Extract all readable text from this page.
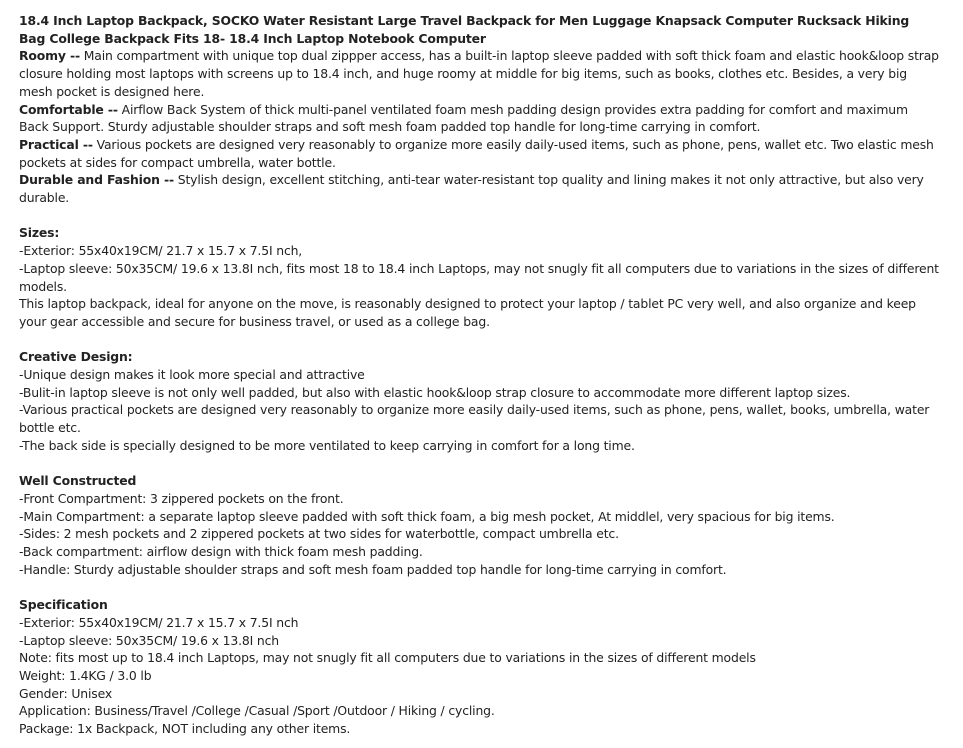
18.4 Inch Laptop Backpack, SOCKO Water Resistant Large Travel Backpack for Men Luggage Knapsack Computer Rucksack Hiking Bag College Backpack Fits 18- 18.4 Inch Laptop Notebook Computer
Roomy -- Main compartment with unique top dual zippper access, has a built-in laptop sleeve padded with soft thick foam and elastic hook&loop strap closure holding most laptops with screens up to 18.4 inch, and huge roomy at middle for big items, such as books, clothes etc. Besides, a very big mesh pocket is designed here.
Comfortable -- Airflow Back System of thick multi-panel ventilated foam mesh padding design provides extra padding for comfort and maximum Back Support. Sturdy adjustable shoulder straps and soft mesh foam padded top handle for long-time carrying in comfort.
Practical -- Various pockets are designed very reasonably to organize more easily daily-used items, such as phone, pens, wallet etc. Two elastic mesh pockets at sides for compact umbrella, water bottle.
Durable and Fashion -- Stylish design, excellent stitching, anti-tear water-resistant top quality and lining makes it not only attractive, but also very durable.
Sizes:
-Exterior: 55x40x19CM/ 21.7 x 15.7 x 7.5I nch,
-Laptop sleeve: 50x35CM/ 19.6 x 13.8I nch, fits most 18 to 18.4 inch Laptops, may not snugly fit all computers due to variations in the sizes of different models.
This laptop backpack, ideal for anyone on the move, is reasonably designed to protect your laptop / tablet PC very well, and also organize and keep your gear accessible and secure for business travel, or used as a college bag.
Creative Design:
-Unique design makes it look more special and attractive
-Bulit-in laptop sleeve is not only well padded, but also with elastic hook&loop strap closure to accommodate more different laptop sizes.
-Various practical pockets are designed very reasonably to organize more easily daily-used items, such as phone, pens, wallet, books, umbrella, water bottle etc.
-The back side is specially designed to be more ventilated to keep carrying in comfort for a long time.
Well Constructed
-Front Compartment: 3 zippered pockets on the front.
-Main Compartment: a separate laptop sleeve padded with soft thick foam, a big mesh pocket, At middlel, very spacious for big items.
-Sides: 2 mesh pockets and 2 zippered pockets at two sides for waterbottle, compact umbrella etc.
-Back compartment: airflow design with thick foam mesh padding.
-Handle: Sturdy adjustable shoulder straps and soft mesh foam padded top handle for long-time carrying in comfort.
Specification
-Exterior: 55x40x19CM/ 21.7 x 15.7 x 7.5I nch
-Laptop sleeve: 50x35CM/ 19.6 x 13.8I nch
Note: fits most up to 18.4 inch Laptops, may not snugly fit all computers due to variations in the sizes of different models
Weight: 1.4KG / 3.0 lb
Gender: Unisex
Application: Business/Travel /College /Casual /Sport /Outdoor / Hiking / cycling.
Package: 1x Backpack, NOT including any other items.
